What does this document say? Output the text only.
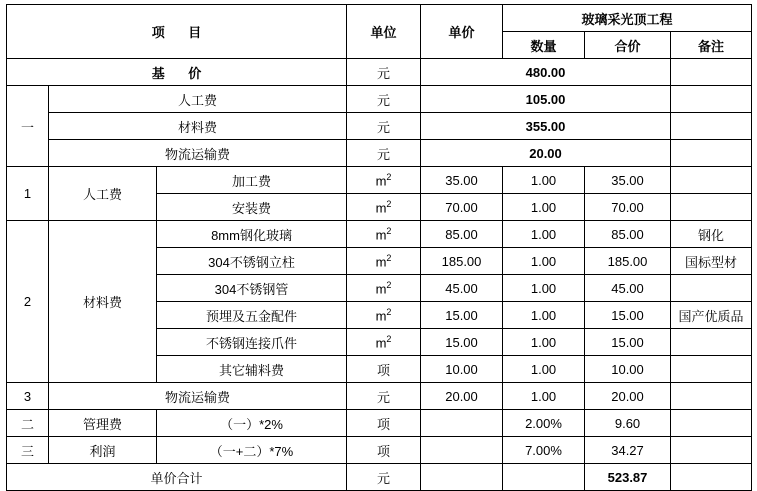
项 目			单位	单价	玻璃采光顶工程		
					数量	合价	备注
基 价			元	480.00			
一	人工费		元	105.00			
	材料费		元	355.00			
	物流运输费		元	20.00			
1	人工费	加工费	$m^2$	35.00	1.00	35.00	
		安装费	$m^2$	70.00	1.00	70.00	
2	材料费	8mm钢化玻璃	$m^2$	85.00	1.00	85.00	钢化
		304不锈钢立柱	$m^2$	185.00	1.00	185.00	国标型材
		304不锈钢管	$m^2$	45.00	1.00	45.00	
		预埋及五金配件	$m^2$	15.00	1.00	15.00	国产优质品
		不锈钢连接爪件	$m^2$	15.00	1.00	15.00	
		其它辅料费	项	10.00	1.00	10.00	
3	物流运输费		元	20.00	1.00	20.00	
二	管理费	（一）*2%	项		2.00%	9.60	
三	利润	（一+二）*7%	项		7.00%	34.27	
单价合计			元			523.87	
